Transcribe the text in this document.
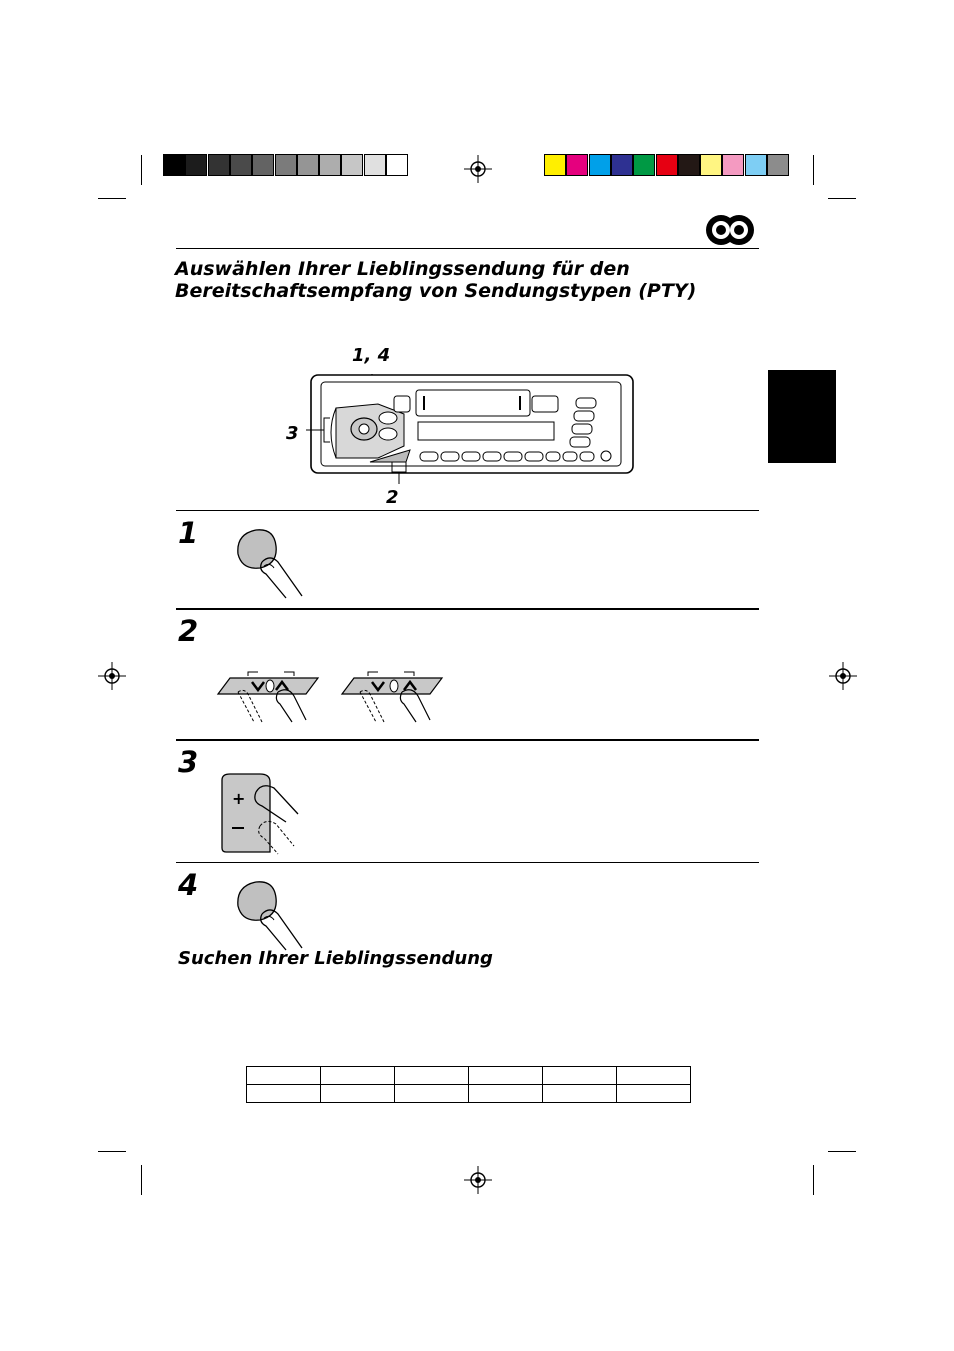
Auswählen Ihrer Lieblingssendung für den
Bereitschaftsempfang von Sendungstypen (PTY)
1, 4
3
2
1
2
3
4
+
Suchen Ihrer Lieblingssendung
